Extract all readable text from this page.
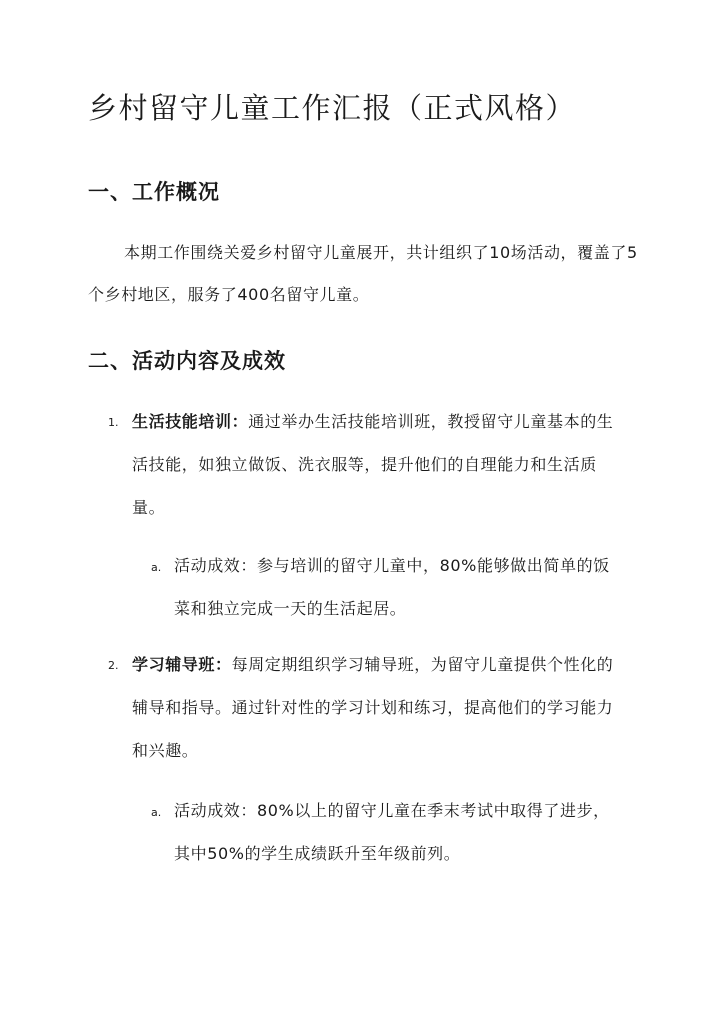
乡村留守儿童工作汇报（正式风格）
一、工作概况

本期工作围绕关爱乡村留守儿童展开，共计组织了10场活动，覆盖了5个乡村地区，服务了400名留守儿童。

二、活动内容及成效
1. 生活技能培训：通过举办生活技能培训班，教授留守儿童基本的生活技能，如独立做饭、洗衣服等，提升他们的自理能力和生活质量。

a. 活动成效：参与培训的留守儿童中，80%能够做出简单的饭菜和独立完成一天的生活起居。

2. 学习辅导班：每周定期组织学习辅导班，为留守儿童提供个性化的辅导和指导。通过针对性的学习计划和练习，提高他们的学习能力和兴趣。

a. 活动成效：80%以上的留守儿童在季末考试中取得了进步，其中50%的学生成绩跃升至年级前列。
